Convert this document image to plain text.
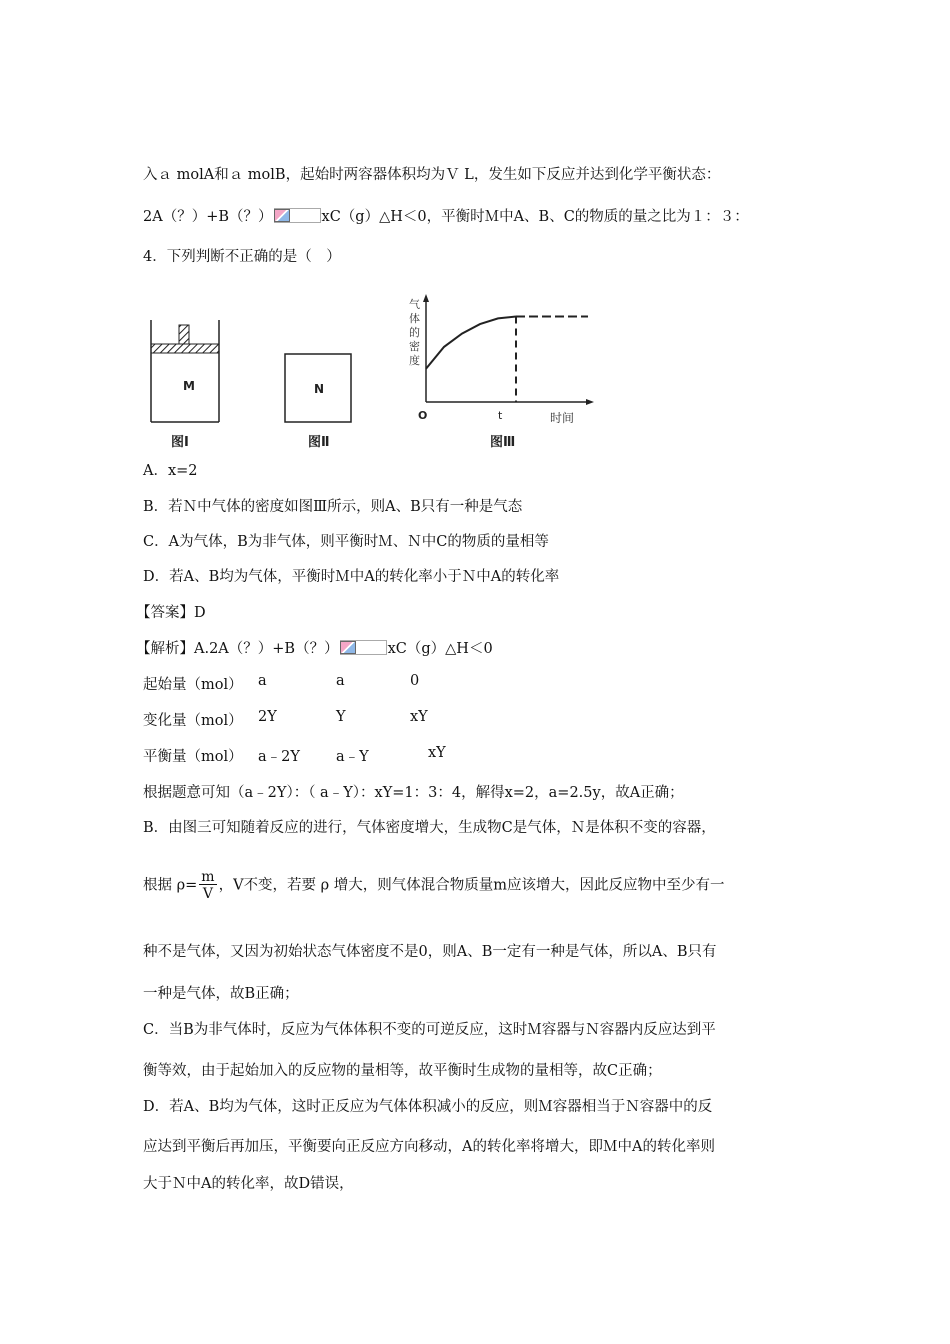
入ａ molA和ａ molB，起始时两容器体积均为Ｖ L，发生如下反应并达到化学平衡状态：
2A（？）+B（？）	xC（g）△H＜0，平衡时Ｍ中A、B、C的物质的量之比为１：３：
4．下列判断不正确的是（　）
M
图Ⅰ
N
图Ⅱ
气
体
的
密
度
O	t	时间
图Ⅲ
A．x=2
B．若Ｎ中气体的密度如图Ⅲ所示，则A、B只有一种是气态
C．A为气体，B为非气体，则平衡时Ｍ、Ｎ中C的物质的量相等
D．若A、B均为气体，平衡时Ｍ中A的转化率小于Ｎ中A的转化率
【答案】D
【解析】A.2A（？）+B（？）	xC（g）△H＜0
起始量（mol） a	a	0
变化量（mol） 2Y	Y	xY
平衡量（mol） a﹣2Y a﹣Y	xY
根据题意可知（a﹣2Y）：（ a﹣Y）：xY=1：3：4，解得x=2，a=2.5y，故A正确；
B．由图三可知随着反应的进行，气体密度增大，生成物C是气体，Ｎ是体积不变的容器，
根据 $\rho= \frac{m}{V}$ ，V不变，若要 ρ 增大，则气体混合物质量m应该增大，因此反应物中至少有一
种不是气体，又因为初始状态气体密度不是0，则A、B一定有一种是气体，所以A、B只有
一种是气体，故B正确；
C．当B为非气体时，反应为气体体积不变的可逆反应，这时Ｍ容器与Ｎ容器内反应达到平
衡等效，由于起始加入的反应物的量相等，故平衡时生成物的量相等，故C正确；
D．若A、B均为气体，这时正反应为气体体积减小的反应，则Ｍ容器相当于Ｎ容器中的反
应达到平衡后再加压，平衡要向正反应方向移动，A的转化率将增大，即Ｍ中A的转化率则
大于Ｎ中A的转化率，故D错误，
